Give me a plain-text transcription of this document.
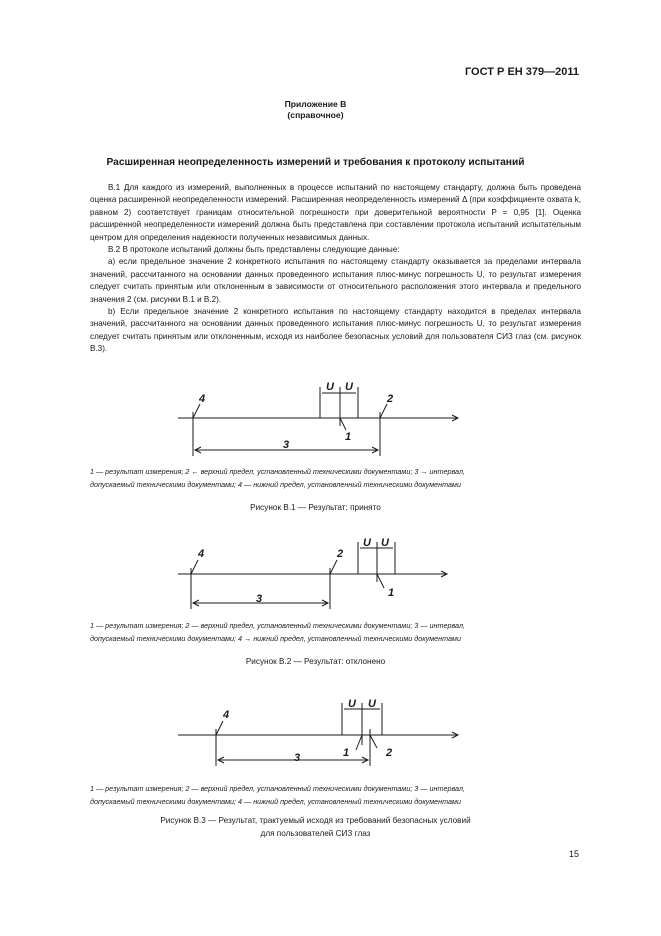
ГОСТ Р ЕН 379—2011
Приложение В
(справочное)
Расширенная неопределенность измерений и требования к протоколу испытаний

В.1 Для каждого из измерений, выполненных в процессе испытаний по настоящему стандарту, должна быть проведена оценка расширенной неопределенности измерений. Расширенная неопределенность измерений Δ (при коэффициенте охвата k, равном 2) соответствует границам относительной погрешности при доверительной вероятности P = 0,95 [1]. Оценка расширенной неопределенности измерений должна быть представлена при составлении протокола испытаний испытательным центром для определения надежности полученных независимых данных.

В.2 В протоколе испытаний должны быть представлены следующие данные:

а) если предельное значение 2 конкретного испытания по настоящему стандарту оказывается за пределами интервала значений, рассчитанного на основании данных проведенного испытания плюс-минус погрешность U, то результат измерения следует считать принятым или отклоненным в зависимости от относительного расположения этого интервала и предельного значения 2 (см. рисунки В.1 и В.2).

b) Если предельное значение 2 конкретного испытания по настоящему стандарту находится в пределах интервала значений, рассчитанного на основании данных проведенного испытания плюс-минус погрешность U, то результат измерения следует считать принятым или отклоненным, исходя из наиболее безопасных условий для пользователя СИЗ глаз (см. рисунок В.3).

4	2
1
3
U U

1 — результат измерения; 2 ← верхний предел, установленный техническими документами; 3 → интервал,

допускаемый техническими документами; 4 — нижний предел, установленный техническими документами

Рисунок В.1 — Результат: принято
4	2
1
3
U U

1 — результат измерения; 2 — верхний предел, установленный техническими документами; 3 — интервал,

допускаемый техническими документами; 4 → нижний предел, установленный техническими документами

Рисунок В.2 — Результат: отклонено
4
1	2
3
U U

1 — результат измерения; 2 — верхний предел, установленный техническими документами; 3 — интервал,

допускаемый техническими документами; 4 — нижний предел, установленный техническими документами

Рисунок В.3 — Результат, трактуемый исходя из требований безопасных условий

для пользователей СИЗ глаз

15
